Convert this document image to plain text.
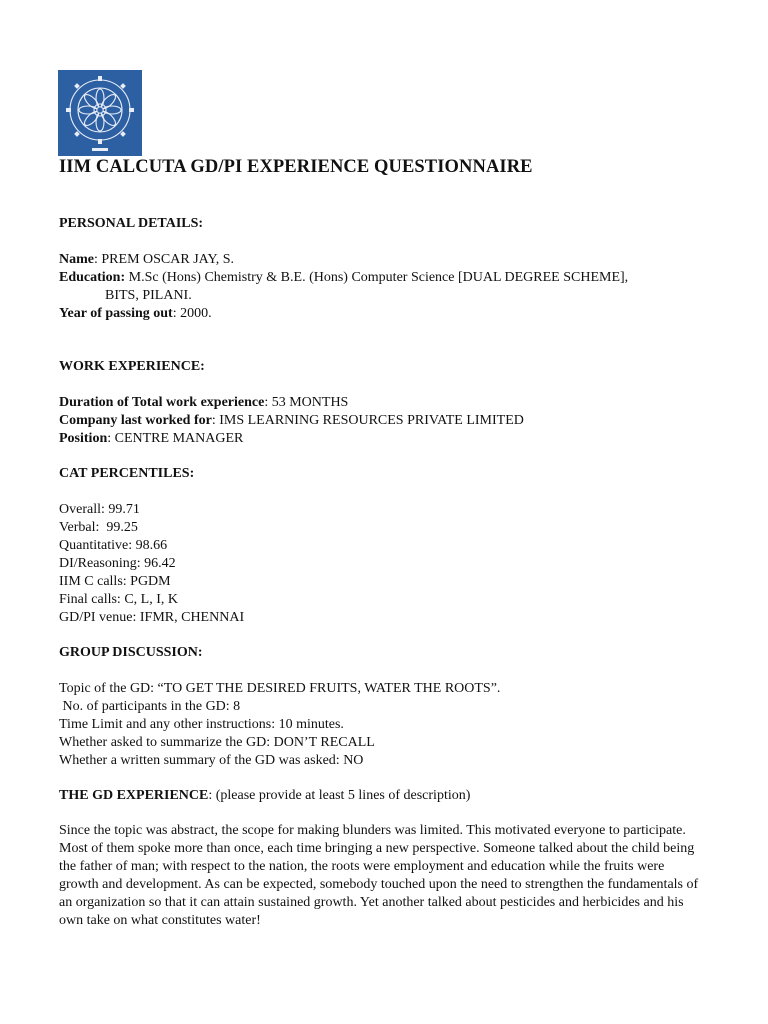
IIM CALCUTA GD/PI EXPERIENCE QUESTIONNAIRE
PERSONAL DETAILS:
Name: PREM OSCAR JAY, S.
Education: M.Sc (Hons) Chemistry & B.E. (Hons) Computer Science [DUAL DEGREE SCHEME],
BITS, PILANI.
Year of passing out: 2000.
WORK EXPERIENCE:
Duration of Total work experience: 53 MONTHS
Company last worked for: IMS LEARNING RESOURCES PRIVATE LIMITED
Position: CENTRE MANAGER
CAT PERCENTILES:
Overall: 99.71
Verbal:  99.25
Quantitative: 98.66
DI/Reasoning: 96.42
IIM C calls: PGDM
Final calls: C, L, I, K
GD/PI venue: IFMR, CHENNAI
GROUP DISCUSSION:
Topic of the GD: “TO GET THE DESIRED FRUITS, WATER THE ROOTS”.
No. of participants in the GD: 8
Time Limit and any other instructions: 10 minutes.
Whether asked to summarize the GD: DON’T RECALL
Whether a written summary of the GD was asked: NO
THE GD EXPERIENCE: (please provide at least 5 lines of description)
Since the topic was abstract, the scope for making blunders was limited. This motivated everyone to participate. Most of them spoke more than once, each time bringing a new perspective. Someone talked about the child being the father of man; with respect to the nation, the roots were employment and education while the fruits were growth and development. As can be expected, somebody touched upon the need to strengthen the fundamentals of an organization so that it can attain sustained growth. Yet another talked about pesticides and herbicides and his own take on what constitutes water!
